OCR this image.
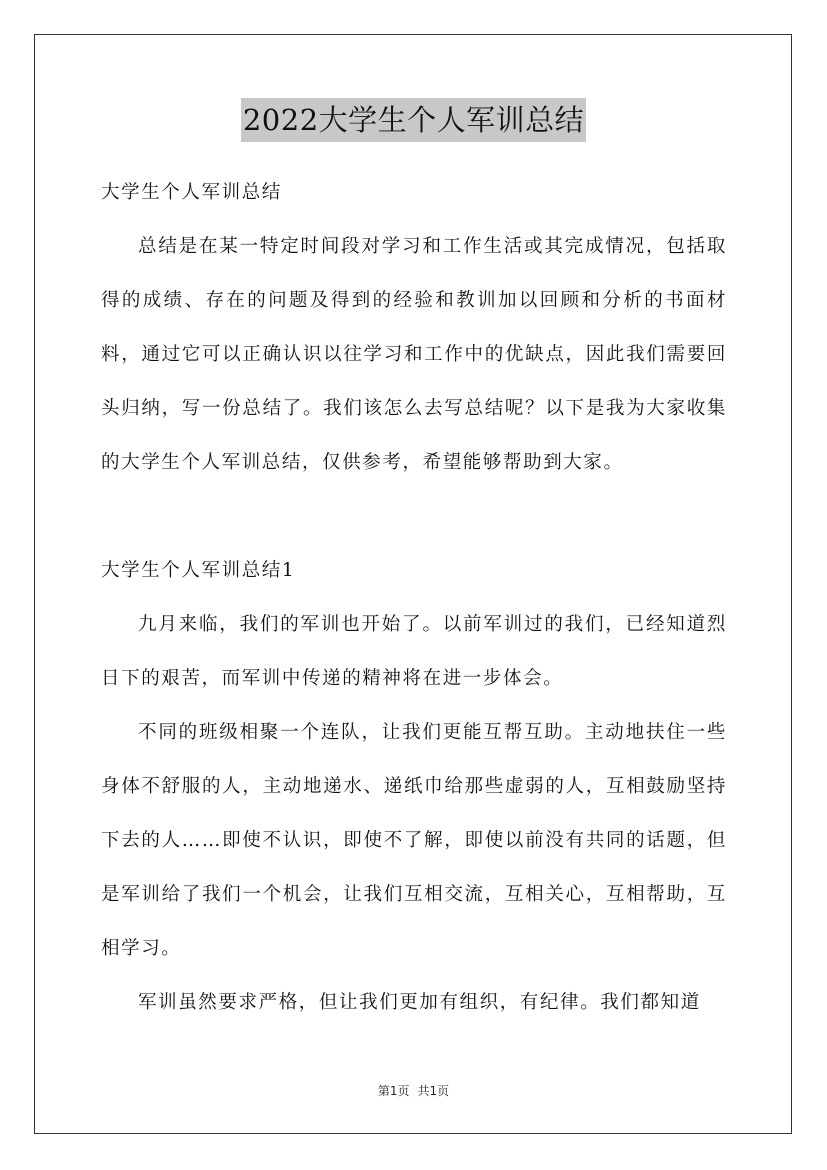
2022大学生个人军训总结

大学生个人军训总结

总结是在某一特定时间段对学习和工作生活或其完成情况，包括取得的成绩、存在的问题及得到的经验和教训加以回顾和分析的书面材料，通过它可以正确认识以往学习和工作中的优缺点，因此我们需要回头归纳，写一份总结了。我们该怎么去写总结呢？以下是我为大家收集的大学生个人军训总结，仅供参考，希望能够帮助到大家。

大学生个人军训总结1

九月来临，我们的军训也开始了。以前军训过的我们，已经知道烈日下的艰苦，而军训中传递的精神将在进一步体会。

不同的班级相聚一个连队，让我们更能互帮互助。主动地扶住一些身体不舒服的人，主动地递水、递纸巾给那些虚弱的人，互相鼓励坚持下去的人……即使不认识，即使不了解，即使以前没有共同的话题，但是军训给了我们一个机会，让我们互相交流，互相关心，互相帮助，互相学习。

军训虽然要求严格，但让我们更加有组织，有纪律。我们都知道

第1页 共1页
